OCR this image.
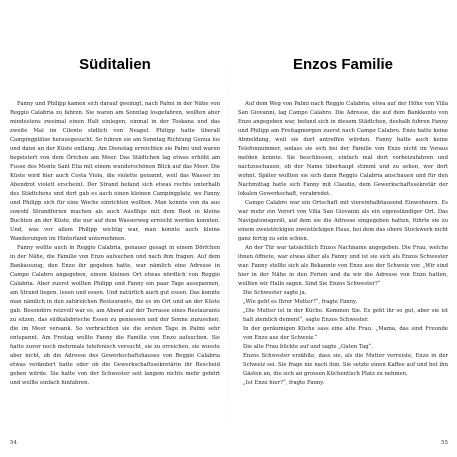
Süditalien

Fanny und Philipp kamen sich darauf geeinigt, nach Palmi in der Nähe von Reggio Calabria zu fahren. Sie waren am Sonntag losgefahren, wollten aber mindestens zweimal einen Halt einlegen, einmal in der Toskana und das zweite Mal im Cilento südlich von Neapel. Philipp hatte überall Campingplätze herausgesucht. So fuhren sie am Sonntag Richtung Genua los und dann an der Küste entlang. Am Dienstag erreichten sie Palmi und waren begeistert von dem Örtchen am Meer. Das Städtchen lag etwas erhöht am Fusse des Monte Sant Elia mit einem wunderschönen Blick auf das Meer. Die Küste wird hier auch Costa Viola, die violette genannt, weil das Wasser im Abendrot violett erscheint. Der Strand befand sich etwas rechts unterhalb des Städtchens und dort gab es auch einen kleinen Campingplatz, wo Fanny und Philipp sich für eine Woche einrichten wollten. Man konnte von da aus sowohl Strandferien machen als auch Ausflüge mit dem Boot in kleine Buchten an der Küste, die nur auf dem Wasserweg erreicht werden konnten. Und, was vor allem Philipp wichtig war, man konnte auch kleine Wanderungen im Hinterland unternehmen.

Fanny wollte auch in Reggio Calabria, genauer gesagt in einem Dörfchen in der Nähe, die Familie von Enzo aufsuchen und nach ihm fragen. Auf dem Bankauszug, den Enzo ihr gegeben hatte, war nämlich eine Adresse in Campo Calabro angegeben, einem kleinen Ort etwas nördlich von Reggio Calabria. Aber zuerst wollten Philipp und Fanny ein paar Tage ausspannen, am Strand liegen, lesen und essen. Und natürlich auch gut essen. Das konnte man nämlich in den zahlreichen Restaurants, die es im Ort und an der Küste gab. Besonders reizvoll war es, am Abend auf der Terrasse eines Restaurants zu sitzen, das südkalabrische Essen zu geniessen und der Sonne zuzusehen, die im Meer versank. So verbrachten sie die ersten Tage in Palmi sehr entspannt. Am Freitag wollte Fanny die Familie von Enzo aufsuchen. Sie hatte zuvor noch mehrmals telefonisch versucht, sie zu erreichen, sie wusste aber nicht, ob die Adresse des Gewerkschaftshauses von Reggio Calabria etwas verändert hatte oder ob die Gewerkschaftssekretärin ihr Bescheid geben würde. Sie hatte von der Schwester seit langem nichts mehr gehört und wollte einfach hinfahren.

54
Enzos Familie

Auf dem Weg von Palmi nach Reggio Calabria, etwa auf der Höhe von Villa San Giovanni, lag Campo Calabro. Die Adresse, die auf dem Bankkonto von Enzo angegeben war, befand sich in diesem Städtchen, deshalb fuhren Fanny und Philipp am Freitagmorgen zuerst nach Campo Calabro. Enzo hatte keine Abmeldung, weil sie dort antreffen würden. Fanny hatte auch keine Telefonnummer, sodass sie sich bei der Familie von Enzo nicht im Voraus melden konnte. Sie beschlossen, einfach mal dort vorbeizufahren und nachzuschauen, ob der Name überhaupt stimmt und zu sehen, wer dort wohnt. Später wollten sie sich dann Reggio Calabria anschauen und für den Nachmittag hatte sich Fanny mit Claudio, dem Gewerkschaftssekretär der lokalen Gewerkschaft, verabredet.

Campo Calabro war ein Ortschaft mit viereinhalbtausend Einwohnern. Es war mehr ein Vorort von Villa San Giovanni als ein eigenständiger Ort. Das Navigationsgerät, auf dem sie die Adresse eingegeben hatten, führte sie zu einem zweistöckigen zweistöckigen Haus, bei dem das obere Stockwerk nicht ganz fertig zu sein schien.

An der Tür war tatsächlich Enzos Nachname angegeben. Die Frau, welche ihnen öffnete, war etwas älter als Fanny und ist sie sich als Enzos Schwester war. Fanny stellte sich als Bekannte von Enzo aus der Schweiz vor. „Wir sind hier in der Nähe in den Ferien und da wir die Adresse von Enzo hatten, wollten wir Hallo sagen. Sind Sie Enzos Schwester?“

Die Schwester sagte ja.

„Wie geht es Ihrer Mutter?“, fragte Fanny.

„Die Mutter ist in der Küche. Kommen Sie. Es geht ihr so gut, aber sie ist halt ziemlich dement“, sagte Enzos Schwester.

In der geräumigen Küche sass eine alte Frau. „Mama, das sind Freunde von Enzo aus der Schweiz.“

Die alte Frau blickte auf und sagte „Guten Tag“.

Enzos Schwester erzählte, dass sie, als die Mutter verreiste, Enzo in der Schweiz sei. Sie frage nie nach ihm. Sie setzte einen Kaffee auf und bot ihn Gästen an, die sich an grossen Küchentisch Platz zu nehmen.

„Ist Enzo hier?“, fragte Fanny.

55
